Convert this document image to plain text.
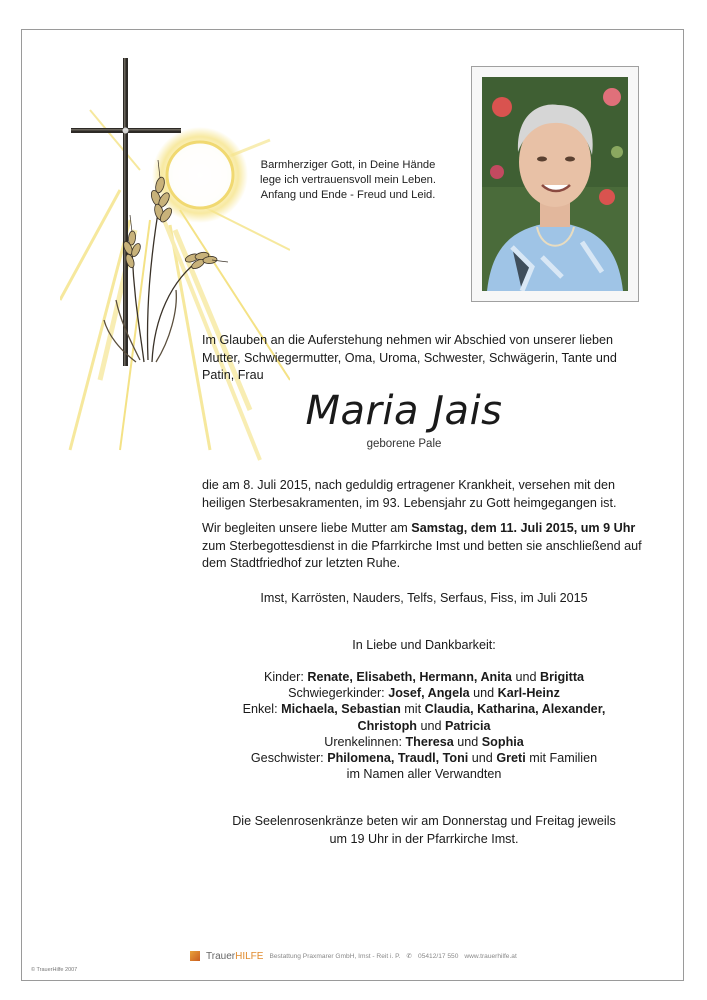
Barmherziger Gott, in Deine Hände
lege ich vertrauensvoll mein Leben.
Anfang und Ende - Freud und Leid.
Im Glauben an die Auferstehung nehmen wir Abschied von unserer lieben Mutter, Schwiegermutter, Oma, Uroma, Schwester, Schwägerin, Tante und Patin, Frau
Maria Jais
geborene Pale
die am 8. Juli 2015, nach geduldig ertragener Krankheit, versehen mit den heiligen Sterbesakramenten, im 93. Lebensjahr zu Gott heimgegangen ist.
Wir begleiten unsere liebe Mutter am Samstag, dem 11. Juli 2015, um 9 Uhr zum Sterbegottesdienst in die Pfarrkirche Imst und betten sie anschließend auf dem Stadtfriedhof zur letzten Ruhe.
Imst, Karrösten, Nauders, Telfs, Serfaus, Fiss, im Juli 2015
In Liebe und Dankbarkeit:
Kinder: Renate, Elisabeth, Hermann, Anita und Brigitta
Schwiegerkinder: Josef, Angela und Karl-Heinz
Enkel: Michaela, Sebastian mit Claudia, Katharina, Alexander,
Christoph und Patricia
Urenkelinnen: Theresa und Sophia
Geschwister: Philomena, Traudl, Toni und Greti mit Familien
im Namen aller Verwandten
Die Seelenrosenkränze beten wir am Donnerstag und Freitag jeweils
um 19 Uhr in der Pfarrkirche Imst.
TrauerHILFE Bestattung Praxmarer GmbH, Imst - Reit i. P. ✆ 05412/17 550 www.trauerhilfe.at
© TrauerHilfe 2007
